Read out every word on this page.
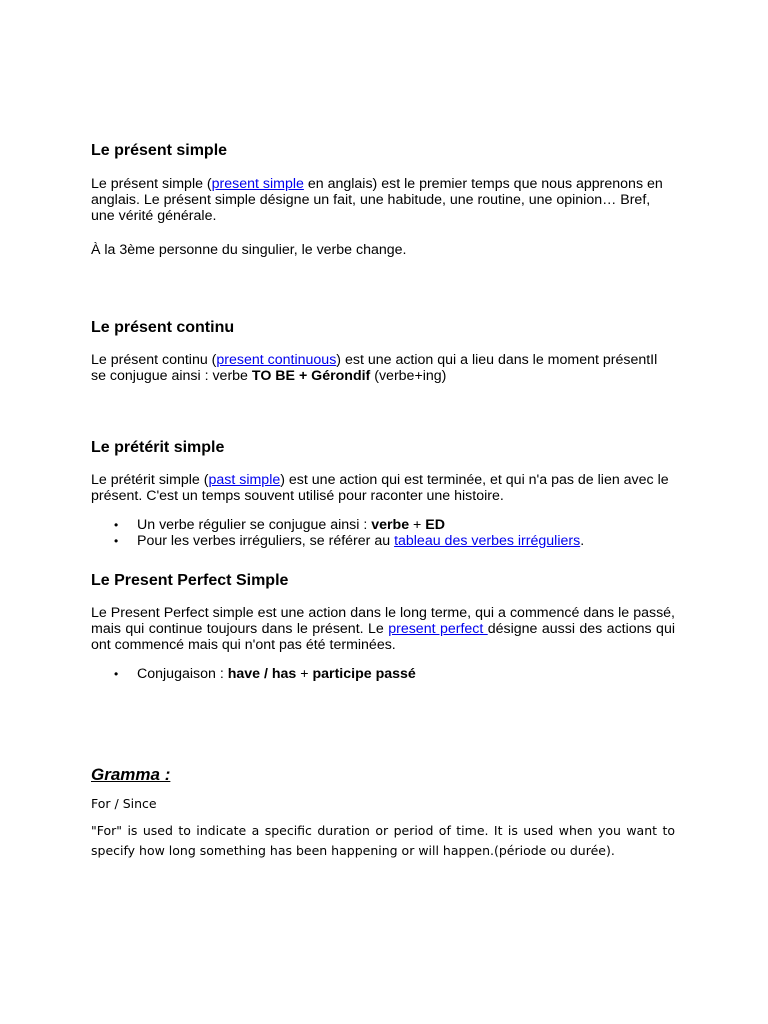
Le présent simple

Le présent simple (present simple en anglais) est le premier temps que nous apprenons en anglais. Le présent simple désigne un fait, une habitude, une routine, une opinion… Bref, une vérité générale.

À la 3ème personne du singulier, le verbe change.

Le présent continu

Le présent continu (present continuous) est une action qui a lieu dans le moment présentIl se conjugue ainsi : verbe TO BE + Gérondif (verbe+ing)

Le prétérit simple

Le prétérit simple (past simple) est une action qui est terminée, et qui n'a pas de lien avec le présent. C'est un temps souvent utilisé pour raconter une histoire.

• Un verbe régulier se conjugue ainsi : verbe + ED
• Pour les verbes irréguliers, se référer au tableau des verbes irréguliers.
Le Present Perfect Simple

Le Present Perfect simple est une action dans le long terme, qui a commencé dans le passé, mais qui continue toujours dans le présent. Le present perfect désigne aussi des actions qui ont commencé mais qui n'ont pas été terminées.

• Conjugaison : have / has + participe passé
Gramma :

For / Since

"For" is used to indicate a specific duration or period of time. It is used when you want to specify how long something has been happening or will happen.(période ou durée).
